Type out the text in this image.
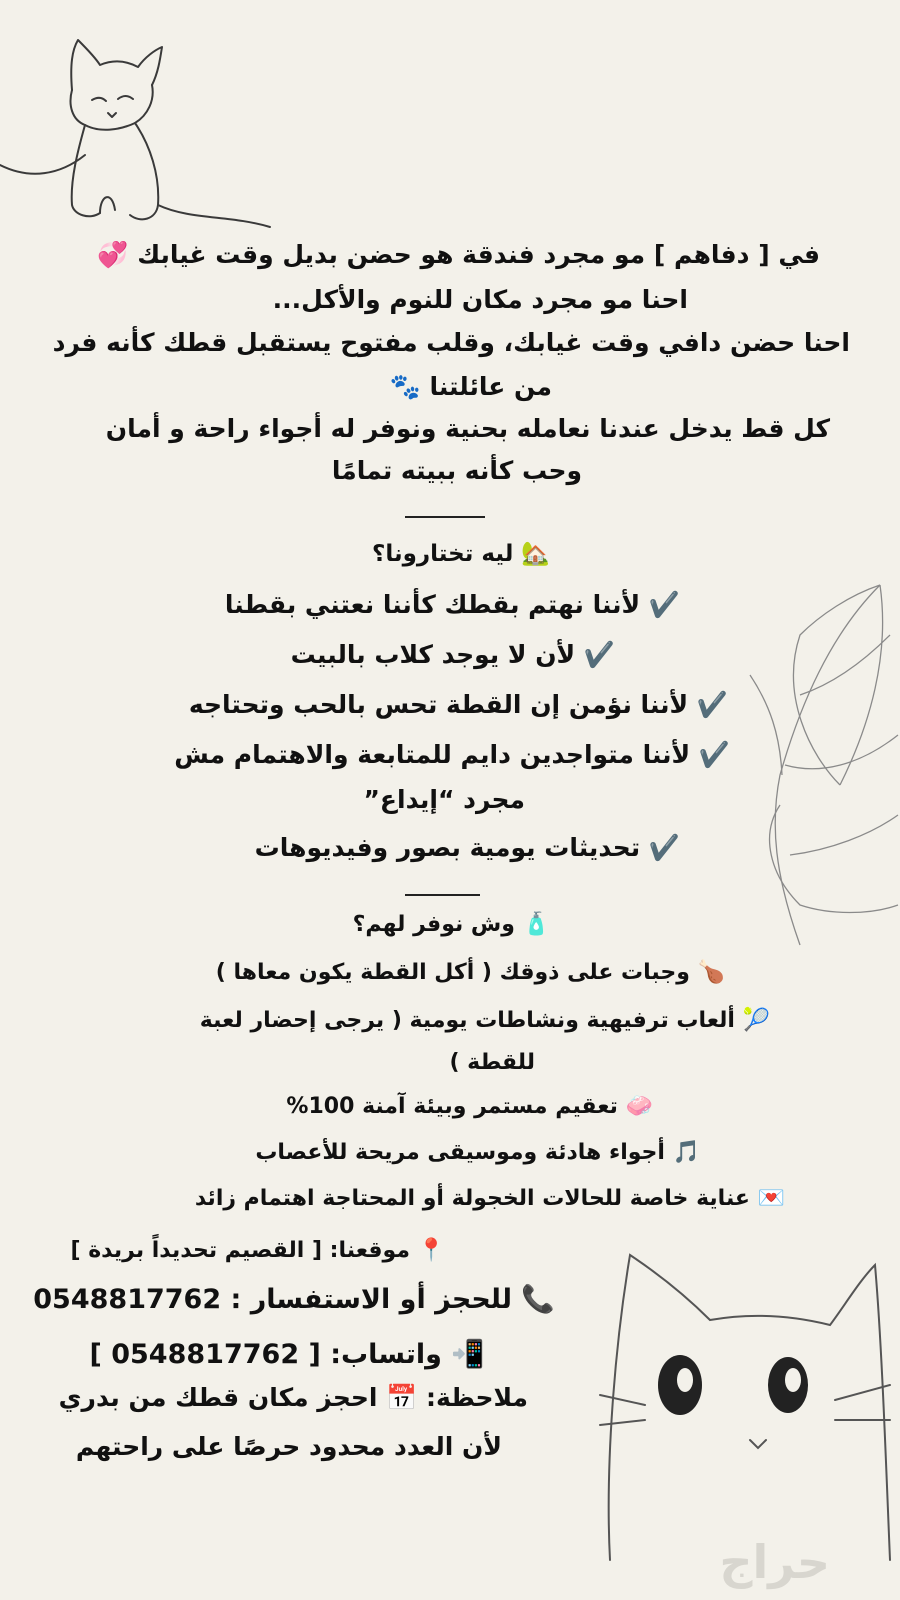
في [ دفاهم ] مو مجرد فندقة هو حضن بديل وقت غيابك 💞
احنا مو مجرد مكان للنوم والأكل...
احنا حضن دافي وقت غيابك، وقلب مفتوح يستقبل قطك كأنه فرد
من عائلتنا 🐾
كل قط يدخل عندنا نعامله بحنية ونوفر له أجواء راحة و أمان
وحب كأنه ببيته تمامًا
🏡 ليه تختارونا؟
✔️ لأننا نهتم بقطك كأننا نعتني بقطنا
✔️ لأن لا يوجد كلاب بالبيت
✔️ لأننا نؤمن إن القطة تحس بالحب وتحتاجه
✔️ لأننا متواجدين دايم للمتابعة والاهتمام مش
مجرد “إيداع”
✔️ تحديثات يومية بصور وفيديوهات
🧴 وش نوفر لهم؟
🍗 وجبات على ذوقك ( أكل القطة يكون معاها )
🎾 ألعاب ترفيهية ونشاطات يومية ( يرجى إحضار لعبة
للقطة )
🧼 تعقيم مستمر وبيئة آمنة 100%
🎵 أجواء هادئة وموسيقى مريحة للأعصاب
💌 عناية خاصة للحالات الخجولة أو المحتاجة اهتمام زائد
📍 موقعنا: [ القصيم تحديداً بريدة ]
📞 للحجز أو الاستفسار : 0548817762
📲 واتساب: [ 0548817762 ]
ملاحظة: 📅 احجز مكان قطك من بدري
لأن العدد محدود حرصًا على راحتهم
حراج
